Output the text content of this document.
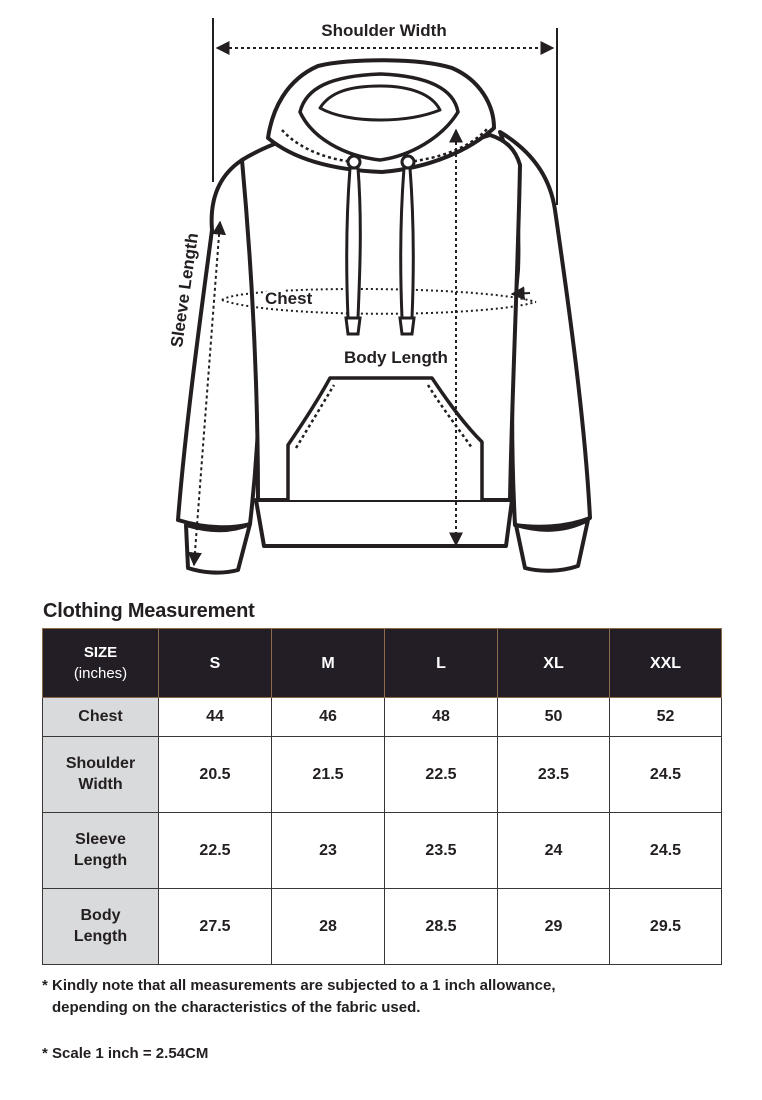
Shoulder Width
Chest
Body Length
Sleeve Length
Clothing Measurement
SIZE
(inches)	S	M	L	XL	XXL
Chest	44	46	48	50	52
Shoulder
Width	20.5	21.5	22.5	23.5	24.5
Sleeve
Length	22.5	23	23.5	24	24.5
Body
Length	27.5	28	28.5	29	29.5
* Kindly note that all measurements are subjected to a 1 inch allowance,
depending on the characteristics of the fabric used.
* Scale 1 inch = 2.54CM
